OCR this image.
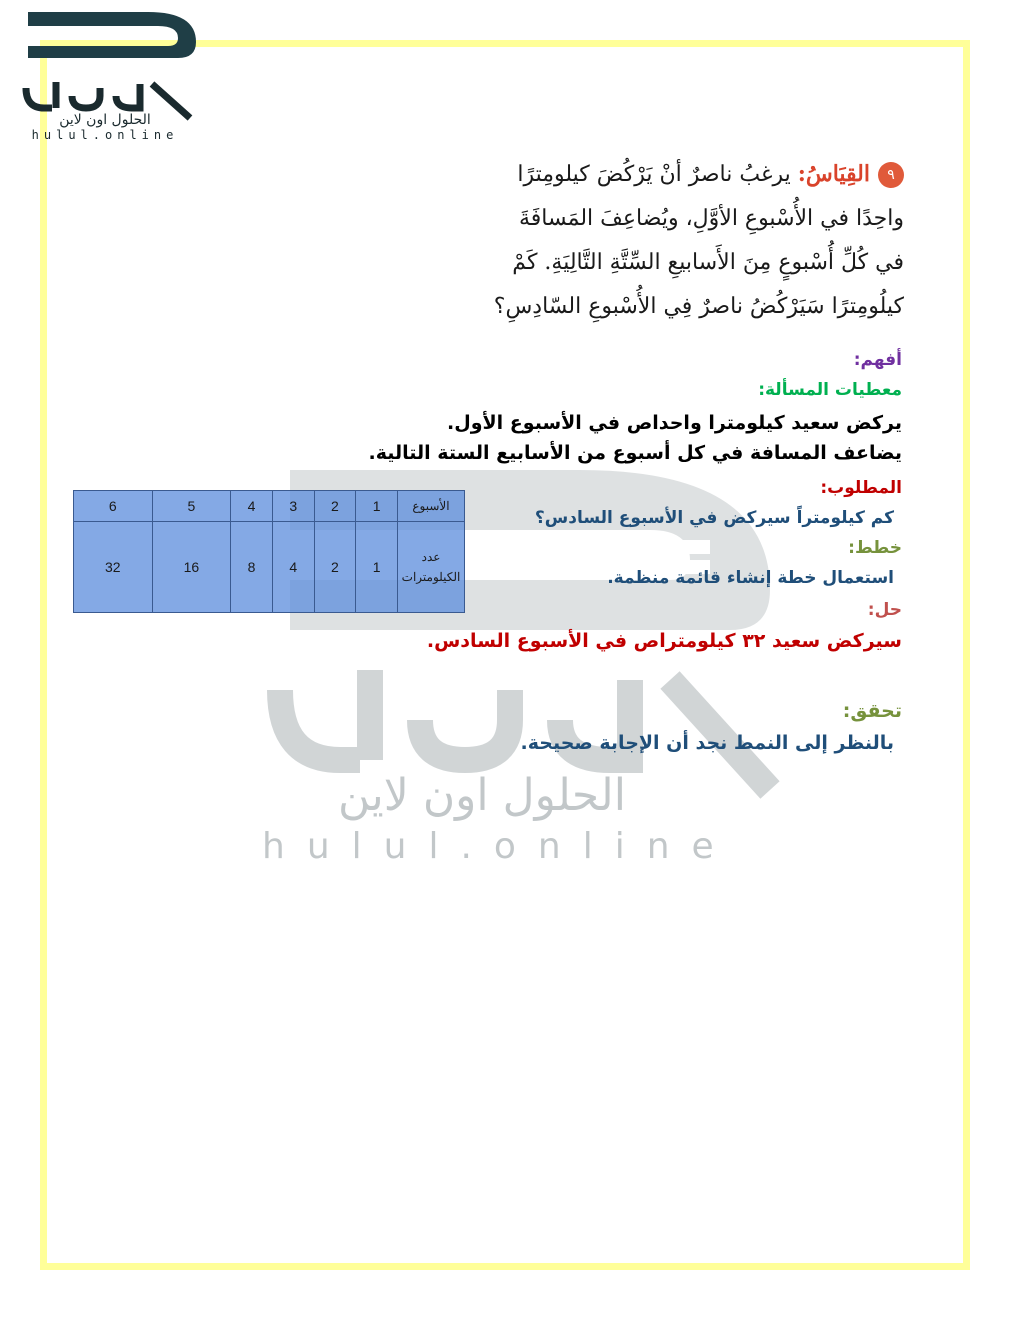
الحلول اون لاين
hulul.online
الحلول اون لاين
hulul.online
٩القِيَاسُ: يرغبُ ناصرٌ أنْ يَرْكُضَ كيلومِترًا
واحِدًا في الأُسْبوعِ الأوَّلِ، ويُضاعِفَ المَسافَةَ
في كُلِّ أُسْبوعٍ مِنَ الأَسابيعِ السِّتَّةِ التَّالِيَةِ. كَمْ
كيلُومِترًا سَيَرْكُضُ ناصرٌ فِي الأُسْبوعِ السّادِسِ؟
أفهم:
معطيات المسألة:
يركض سعيد كيلومترا واحداص في الأسبوع الأول.
يضاعف المسافة في كل أسبوع من الأسابيع الستة التالية.
المطلوب:
كم كيلومتراً سيركض في الأسبوع السادس؟
خطط:
استعمال خطة إنشاء قائمة منظمة.
حل:
سيركض سعيد ٣٢ كيلومتراص في الأسبوع السادس.
تحقق:
بالنظر إلى النمط نجد أن الإجابة صحيحة.
الأسبوع	1	2	3	4	5	6

عدد
الكيلومترات	1	2	4	8	16	32
